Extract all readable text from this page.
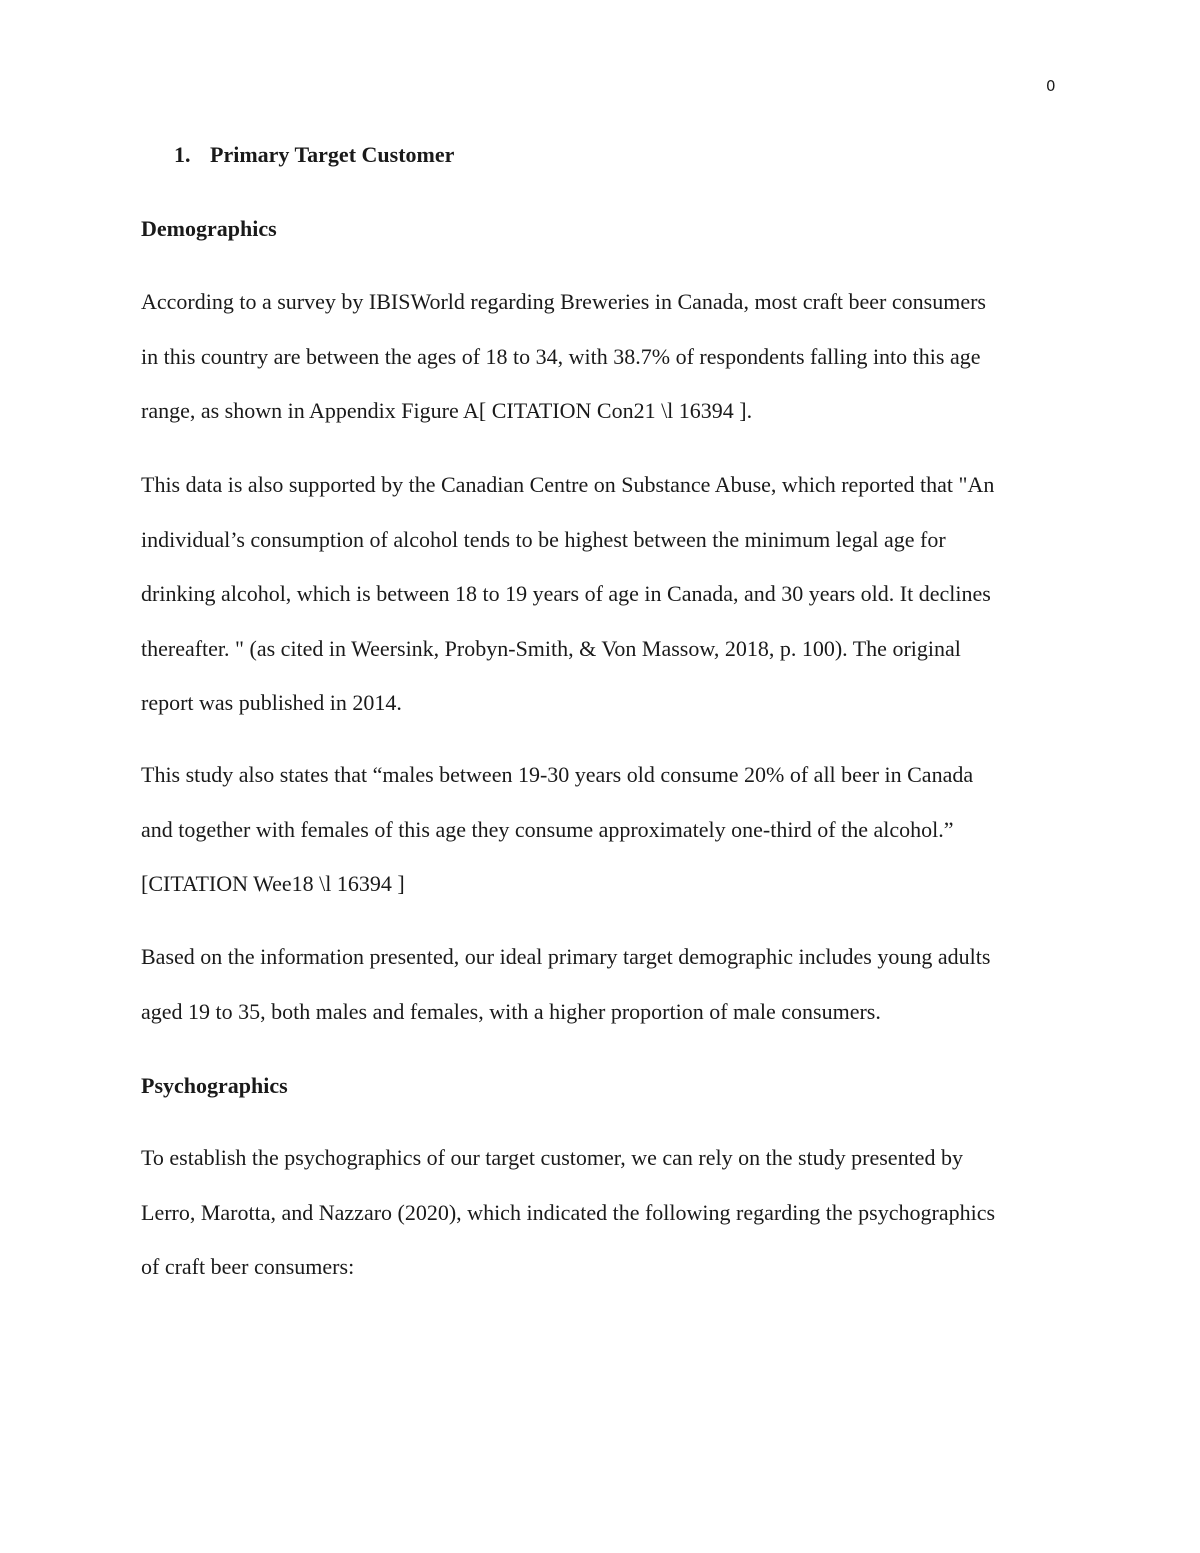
0
1. Primary Target Customer
Demographics
According to a survey by IBISWorld regarding Breweries in Canada, most craft beer consumers
in this country are between the ages of 18 to 34, with 38.7% of respondents falling into this age
range, as shown in Appendix Figure A[ CITATION Con21 \l 16394 ].
This data is also supported by the Canadian Centre on Substance Abuse, which reported that "An
individual’s consumption of alcohol tends to be highest between the minimum legal age for
drinking alcohol, which is between 18 to 19 years of age in Canada, and 30 years old. It declines
thereafter. " (as cited in Weersink, Probyn-Smith, & Von Massow, 2018, p. 100). The original
report was published in 2014.
This study also states that “males between 19-30 years old consume 20% of all beer in Canada
and together with females of this age they consume approximately one-third of the alcohol.”
[CITATION Wee18 \l 16394 ]
Based on the information presented, our ideal primary target demographic includes young adults
aged 19 to 35, both males and females, with a higher proportion of male consumers.
Psychographics
To establish the psychographics of our target customer, we can rely on the study presented by
Lerro, Marotta, and Nazzaro (2020), which indicated the following regarding the psychographics
of craft beer consumers:
